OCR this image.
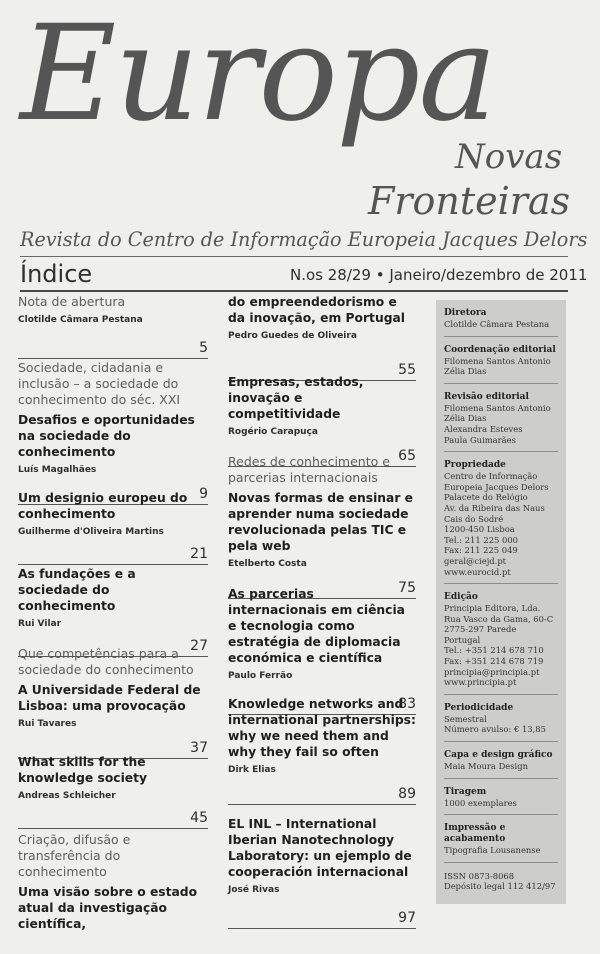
Europa
Novas
Fronteiras
Revista do Centro de Informação Europeia Jacques Delors
Índice	N.os 28/29 • Janeiro/dezembro de 2011
Nota de abertura
Clotilde Câmara Pestana
5
Sociedade, cidadania e inclusão – a sociedade do conhecimento do séc. XXI
Desafios e oportunidades na sociedade do conhecimento
Luís Magalhães
9
Um designio europeu do conhecimento
Guilherme d'Oliveira Martins
21
As fundações e a sociedade do conhecimento
Rui Vilar
27
Que competências para a sociedade do conhecimento
A Universidade Federal de Lisboa: uma provocação
Rui Tavares
37
What skills for the knowledge society
Andreas Schleicher
45
Criação, difusão e transferência do conhecimento
Uma visão sobre o estado atual da investigação científica,
do empreendedorismo e da inovação, em Portugal
Pedro Guedes de Oliveira
55
Empresas, estados, inovação e competitividade
Rogério Carapuça
65
Redes de conhecimento e parcerias internacionais
Novas formas de ensinar e aprender numa sociedade revolucionada pelas TIC e pela web
Etelberto Costa
75
As parcerias internacionais em ciência e tecnologia como estratégia de diplomacia económica e científica
Paulo Ferrão
83
Knowledge networks and international partnerships: why we need them and why they fail so often
Dirk Elias
89
EL INL – International Iberian Nanotechnology Laboratory: un ejemplo de cooperación internacional
José Rivas
97
Diretora
Clotilde Câmara Pestana
Coordenação editorial
Filomena Santos Antonio
Zélia Dias
Revisão editorial
Filomena Santos Antonio
Zélia Dias
Alexandra Esteves
Paula Guimarães
Propriedade
Centro de Informação
Europeia Jacques Delors
Palacete do Relógio
Av. da Ribeira das Naus
Cais do Sodré
1200-450 Lisboa
Tel.: 211 225 000
Fax: 211 225 049
geral@ciejd.pt
www.eurocid.pt
Edição
Principia Editora, Lda.
Rua Vasco da Gama, 60-C
2775-297 Parede
Portugal
Tel.: +351 214 678 710
Fax: +351 214 678 719
principia@principia.pt
www.principia.pt
Periodicidade
Semestral
Número avulso: € 13,85
Capa e design gráfico
Maia Moura Design
Tiragem
1000 exemplares
Impressão e acabamento
Tipografia Lousanense
ISSN 0873-8068
Depósito legal 112 412/97
